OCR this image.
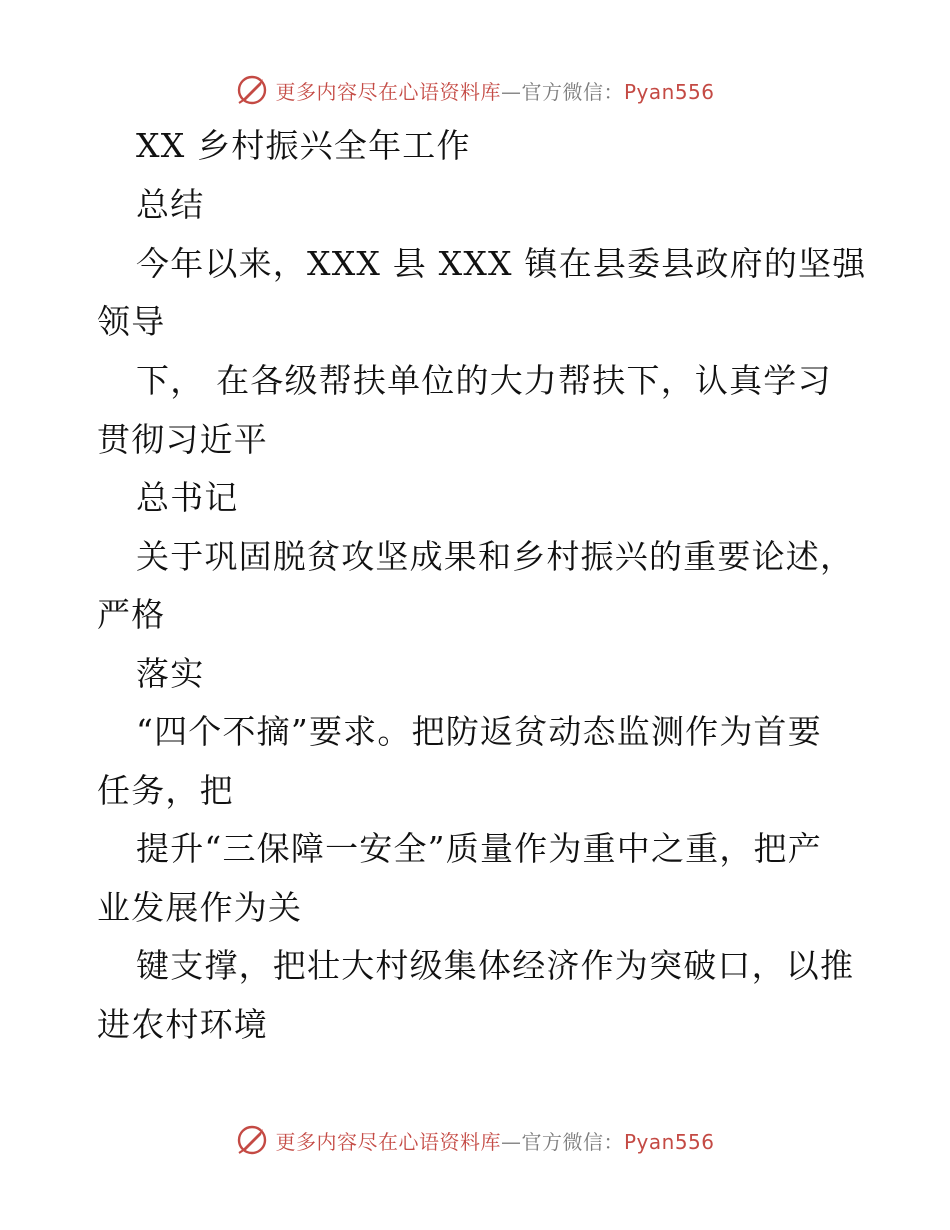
更多内容尽在心语资料库—官方微信：Pyan556
XX 乡村振兴全年工作
总结
今年以来，XXX 县 XXX 镇在县委县政府的坚强
领导
下， 在各级帮扶单位的大力帮扶下，认真学习
贯彻习近平
总书记
关于巩固脱贫攻坚成果和乡村振兴的重要论述，
严格
落实
“四个不摘”要求。把防返贫动态监测作为首要
任务，把
提升“三保障一安全”质量作为重中之重，把产
业发展作为关
键支撑，把壮大村级集体经济作为突破口，以推
进农村环境
更多内容尽在心语资料库—官方微信：Pyan556
